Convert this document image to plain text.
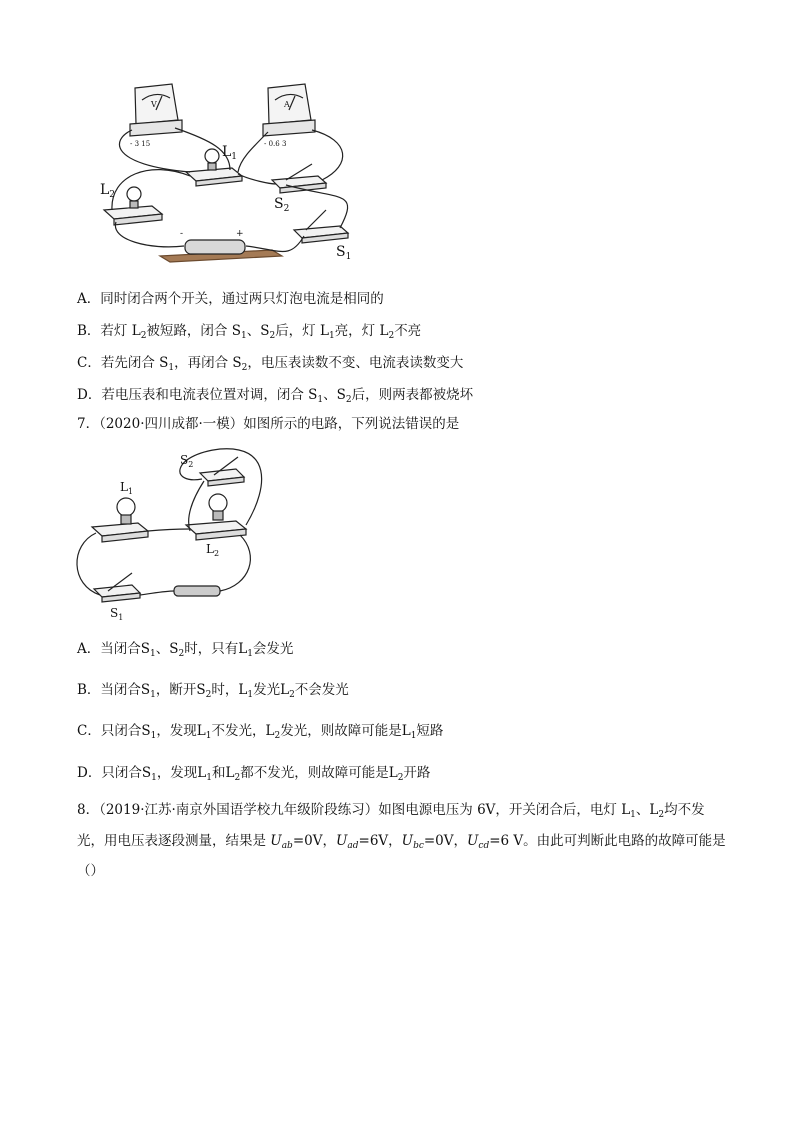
V
- 3 15
A
- 0.6 3
$L_1$
$L_2$
$S_2$
$S_1$
-	+
A．同时闭合两个开关，通过两只灯泡电流是相同的
B．若灯 $L_2$被短路，闭合 $S_1$、$S_2$后，灯 $L_1$亮，灯 $L_2$不亮
C．若先闭合 $S_1$，再闭合 $S_2$，电压表读数不变、电流表读数变大
D．若电压表和电流表位置对调，闭合 $S_1$、$S_2$后，则两表都被烧坏
7．（2020·四川成都·一模）如图所示的电路，下列说法错误的是
$S_2$
$L_1$
$L_2$
$S_1$
A．当闭合$S_1$、$S_2$时，只有$L_1$会发光
B．当闭合$S_1$，断开$S_2$时，$L_1$发光$L_2$不会发光
C．只闭合$S_1$，发现$L_1$不发光，$L_2$发光，则故障可能是$L_1$短路
D．只闭合$S_1$，发现$L_1$和$L_2$都不发光，则故障可能是$L_2$开路
8．（2019·江苏·南京外国语学校九年级阶段练习）如图电源电压为 6V，开关闭合后，电灯 $L_1$、$L_2$均不发
光，用电压表逐段测量，结果是 $U_{ab}=0V$，$U_{ad}=6V$，$U_{bc}=0V$，$U_{cd}=6$ V。由此可判断此电路的故障可能是
（）
